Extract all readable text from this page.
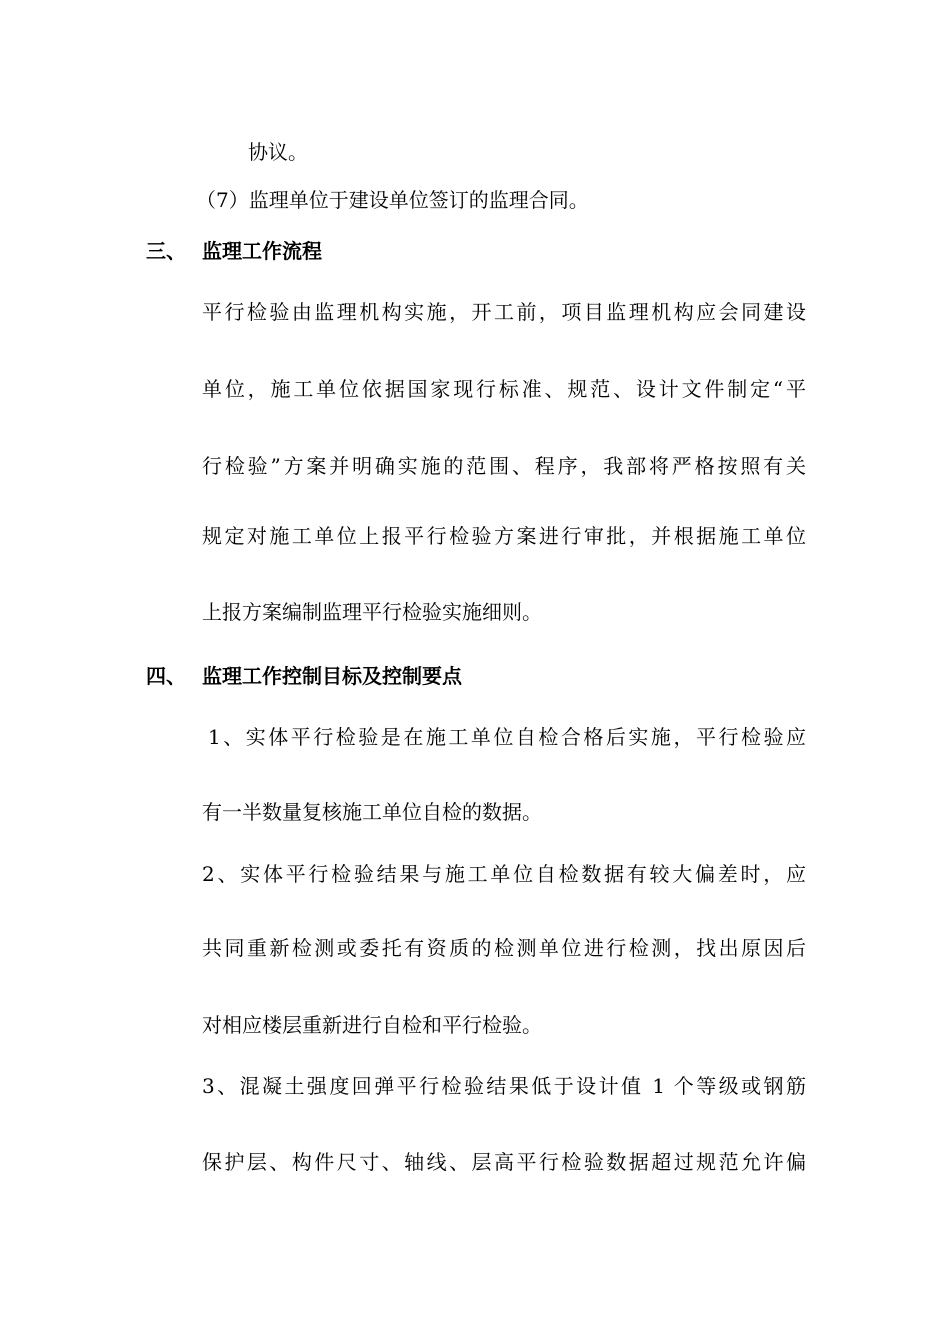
协议。
（7）监理单位于建设单位签订的监理合同。
三、 监理工作流程
平行检验由监理机构实施，开工前，项目监理机构应会同建设
单位，施工单位依据国家现行标准、规范、设计文件制定“平
行检验”方案并明确实施的范围、程序，我部将严格按照有关
规定对施工单位上报平行检验方案进行审批，并根据施工单位
上报方案编制监理平行检验实施细则。
四、 监理工作控制目标及控制要点
1、实体平行检验是在施工单位自检合格后实施，平行检验应
有一半数量复核施工单位自检的数据。
2、实体平行检验结果与施工单位自检数据有较大偏差时，应
共同重新检测或委托有资质的检测单位进行检测，找出原因后
对相应楼层重新进行自检和平行检验。
3、混凝土强度回弹平行检验结果低于设计值 1 个等级或钢筋
保护层、构件尺寸、轴线、层高平行检验数据超过规范允许偏
